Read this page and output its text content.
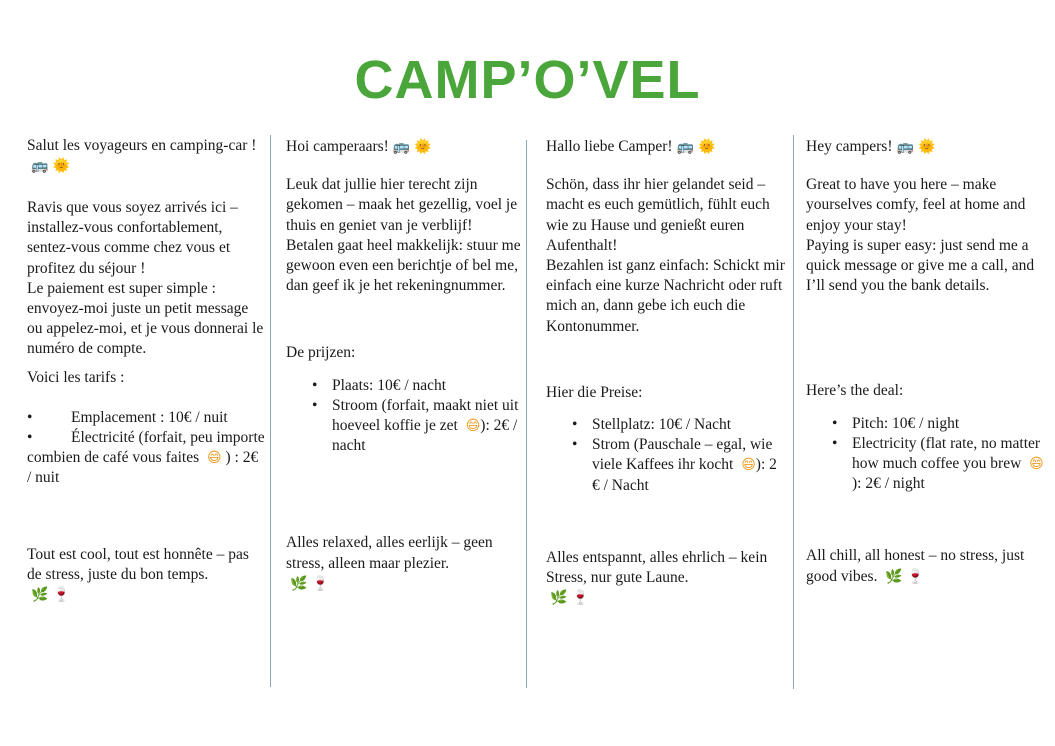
CAMP’O’VEL

Salut les voyageurs en camping-car !🚌 🌞

Ravis que vous soyez arrivés ici – installez-vous confortablement, sentez-vous comme chez vous et profitez du séjour !

Le paiement est super simple : envoyez-moi juste un petit message ou appelez-moi, et je vous donnerai le numéro de compte.

Voici les tarifs :

• Emplacement : 10€ / nuit
• Électricité (forfait, peu importe combien de café vous faites 😄 ) : 2€ / nuit

Tout est cool, tout est honnête – pas de stress, juste du bon temps.
🌿 🍷

Hoi camperaars! 🚌 🌞

Leuk dat jullie hier terecht zijn gekomen – maak het gezellig, voel je thuis en geniet van je verblijf!

Betalen gaat heel makkelijk: stuur me gewoon even een berichtje of bel me, dan geef ik je het rekeningnummer.

De prijzen:

• Plaats: 10€ / nacht
• Stroom (forfait, maakt niet uit hoeveel koffie je zet 😄): 2€ / nacht

Alles relaxed, alles eerlijk – geen stress, alleen maar plezier.
🌿 🍷

Hallo liebe Camper! 🚌 🌞

Schön, dass ihr hier gelandet seid – macht es euch gemütlich, fühlt euch wie zu Hause und genießt euren Aufenthalt!

Bezahlen ist ganz einfach: Schickt mir einfach eine kurze Nachricht oder ruft mich an, dann gebe ich euch die Kontonummer.

Hier die Preise:

• Stellplatz: 10€ / Nacht
• Strom (Pauschale – egal, wie viele Kaffees ihr kocht 😄): 2 € / Nacht

Alles entspannt, alles ehrlich – kein Stress, nur gute Laune.
🌿 🍷

Hey campers! 🚌 🌞

Great to have you here – make yourselves comfy, feel at home and enjoy your stay!

Paying is super easy: just send me a quick message or give me a call, and I’ll send you the bank details.

Here’s the deal:

• Pitch: 10€ / night
• Electricity (flat rate, no matter how much coffee you brew 😄): 2€ / night

All chill, all honest – no stress, just good vibes. 🌿 🍷
